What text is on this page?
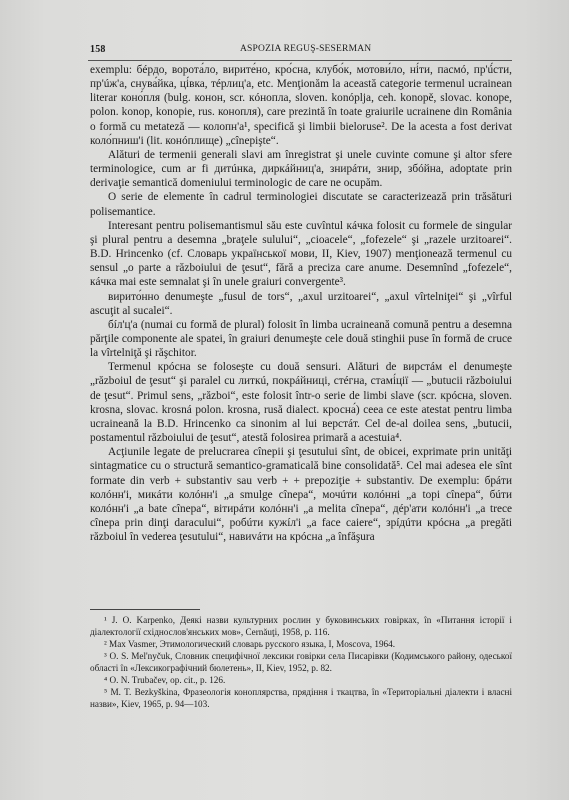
158	ASPOZIA REGUŞ-SESERMAN

exemplu: бéрдо, ворота́ло, вирите́но, кро́сна, клубо́к, мотови́ло, ні́ти, пасмó, пр'ú́сти, пр'úж'а, снува́йка, ці́вка, тéрлиц'а, etc. Menţionăm la această categorie termenul ucrainean literar коно́пля (bulg. конон, scr. кóнопла, sloven. konóplja, ceh. konopě, slovac. konope, polon. konop, konopie, rus. конопля), care prezintă în toate graiurile ucrainene din România o formă cu metateză — колопн'а¹, specifică şi limbii bieloruse². De la acesta a fost derivat коло́пниш'і (lit. конóплище) „cînepişte“.

Alături de termenii generali slavi am înregistrat şi unele cuvinte comune şi altor sfere terminologice, cum ar fi дитúнка, диркáйниц'а, знирáти, знир, збóйна, adoptate prin derivaţie semantică domeniului terminologic de care ne ocupăm.

O serie de elemente în cadrul terminologiei discutate se caracterizează prin trăsături polisemantice.

Interesant pentru polisemantismul său este cuvîntul кáчка folosit cu formele de singular şi plural pentru a desemna „braţele sulului“, „cioacele“, „fofezele“ şi „razele urzitoarei“. B.D. Hrincenko (cf. Словарь української мови, II, Kiev, 1907) menţionează termenul cu sensul „o parte a războiului de ţesut“, fără a preciza care anume. Desemnînd „fofezele“, кáчка mai este semnalat şi în unele graiuri convergente³.

вирито́нно denumeşte „fusul de tors“, „axul urzitoarei“, „axul vîrtelniţei“ şi „vîrful ascuţit al sucalei“.

бíл'ц'а (numai cu formă de plural) folosit în limba ucraineană comună pentru a desemna părţile componente ale spatei, în graiuri denumeşte cele două stinghii puse în formă de cruce la vîrtelniţă şi răşchitor.

Termenul крóсна se foloseşte cu două sensuri. Alături de вирстáм el denumeşte „războiul de ţesut“ şi paralel cu литкú, покрáйниці, стéгна, стамі́ції — „butucii războiului de ţesut“. Primul sens, „război“, este folosit într-o serie de limbi slave (scr. крóсна, sloven. krosna, slovac. krosná polon. krosna, rusă dialect. кросна́) ceea ce este atestat pentru limba ucraineană la B.D. Hrincenko ca sinonim al lui верстáт. Cel de-al doilea sens, „butucii, postamentul războiului de ţesut“, atestă folosirea primară a acestuia⁴.

Acţiunile legate de prelucrarea cînepii şi ţesutului sînt, de obicei, exprimate prin unităţi sintagmatice cu o structură semantico-gramaticală bine consolidată⁵. Cel mai adesea ele sînt formate din verb + substantiv sau verb + + prepoziţie + substantiv. De exemplu: брáти колóнн'і, микáти колóнн'і „a smulge cînepa“, мочúти колóнні „a topi cînepa“, бúти колóнн'і „a bate cînepa“, вітирáти колóнн'і „a melita cînepa“, дéр'ати колóнн'і „a trece cînepa prin dinţi daracului“, робúти кужíл'і „a face caiere“, зрíдúти крóсна „a pregăti războiul în vederea ţesutului“, навиváти на крóсна „a înfăşura

¹ J. O. Karpenko, Деякі назви культурних рослин у буковинських говірках, în «Питання історії і діалектології східнослов'янських мов», Cernăuţi, 1958, p. 116.

² Max Vasmer, Этимологический словарь русского языка, I, Moscova, 1964.

³ O. S. Mel'nyčuk, Словник специфічної лексики говірки села Писарівки (Кодимського району, одеської області în «Лексикографічний бюлетень», II, Kiev, 1952, p. 82.

⁴ O. N. Trubačev, op. cit., p. 126.

⁵ M. T. Bezkyškina, Фразеологія коноплярства, прядіння і ткацтва, în «Територіальні діалекти і власні назви», Kiev, 1965, p. 94—103.
